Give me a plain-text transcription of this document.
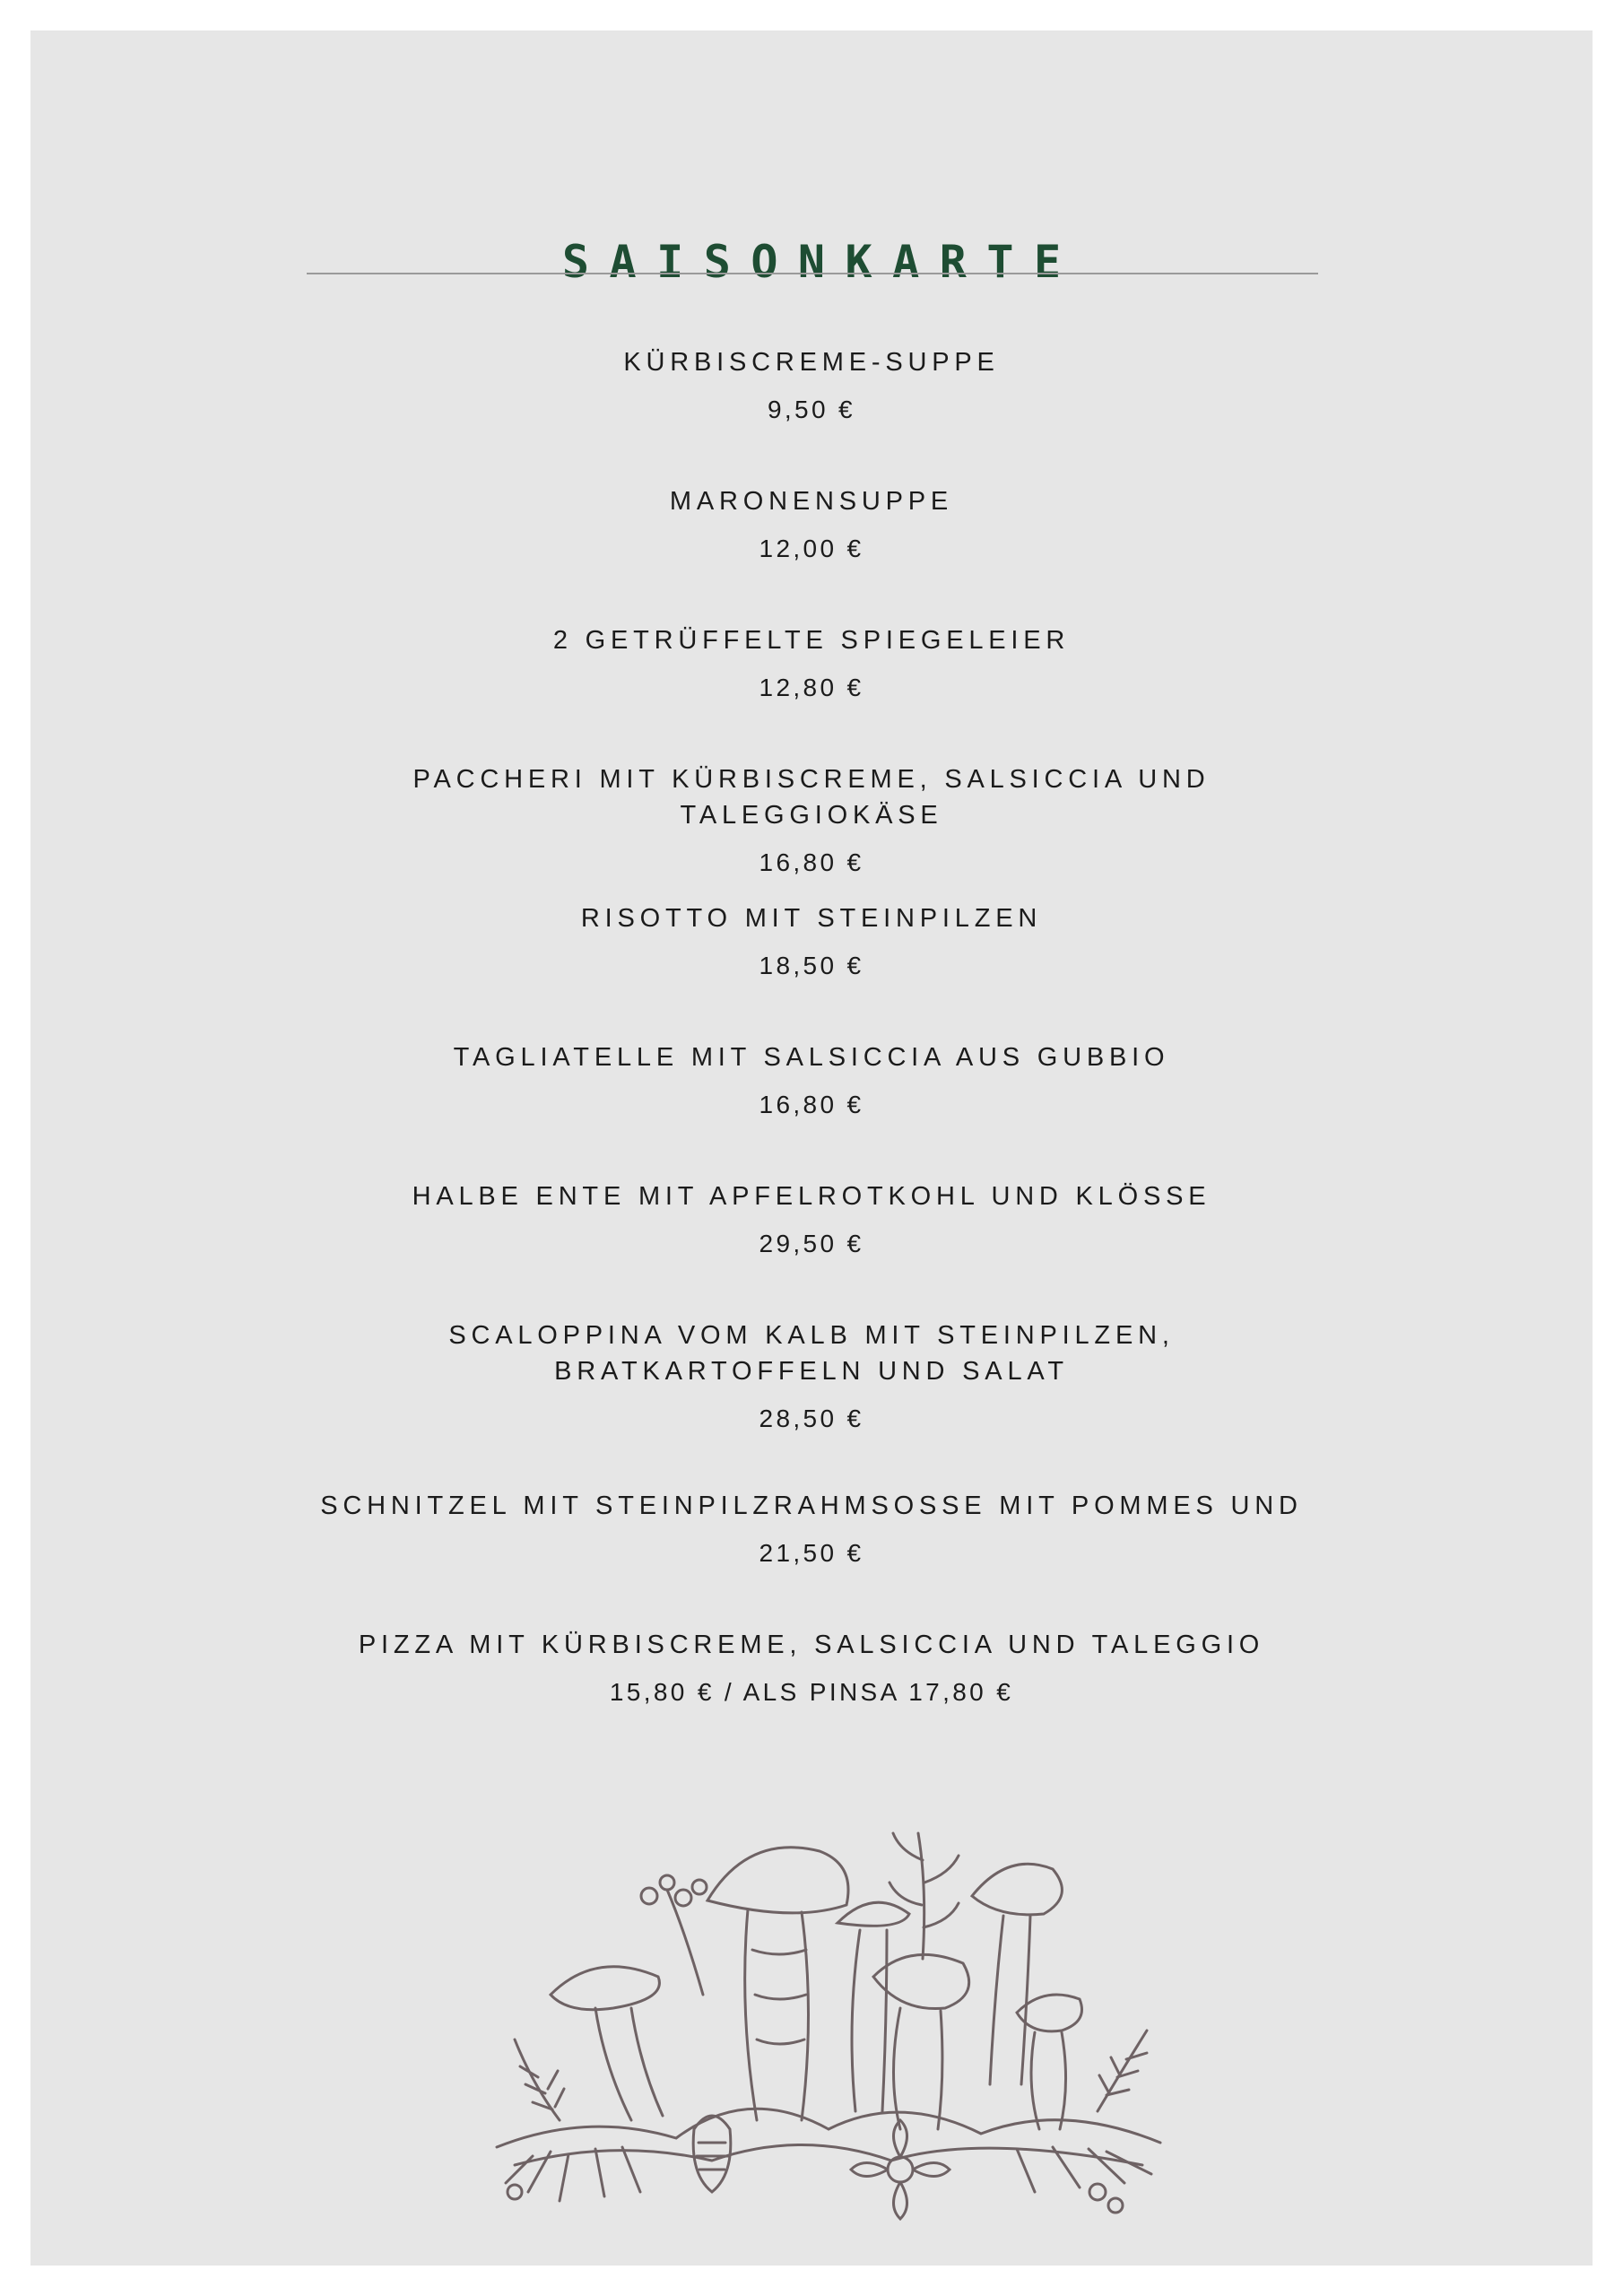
SAISONKARTE
KÜRBISCREME-SUPPE
9,50 €
MARONENSUPPE
12,00 €
2 GETRÜFFELTE SPIEGELEIER
12,80 €
PACCHERI MIT KÜRBISCREME, SALSICCIA UND TALEGGIOKÄSE
16,80 €
RISOTTO MIT STEINPILZEN
18,50 €
TAGLIATELLE MIT SALSICCIA AUS GUBBIO
16,80 €
HALBE ENTE MIT APFELROTKOHL UND KLÖSSE
29,50 €
SCALOPPINA VOM KALB MIT STEINPILZEN, BRATKARTOFFELN UND SALAT
28,50 €
SCHNITZEL MIT STEINPILZRAHMSOSSE MIT POMMES UND
21,50 €
PIZZA MIT KÜRBISCREME, SALSICCIA UND TALEGGIO
15,80 € / ALS PINSA 17,80 €
